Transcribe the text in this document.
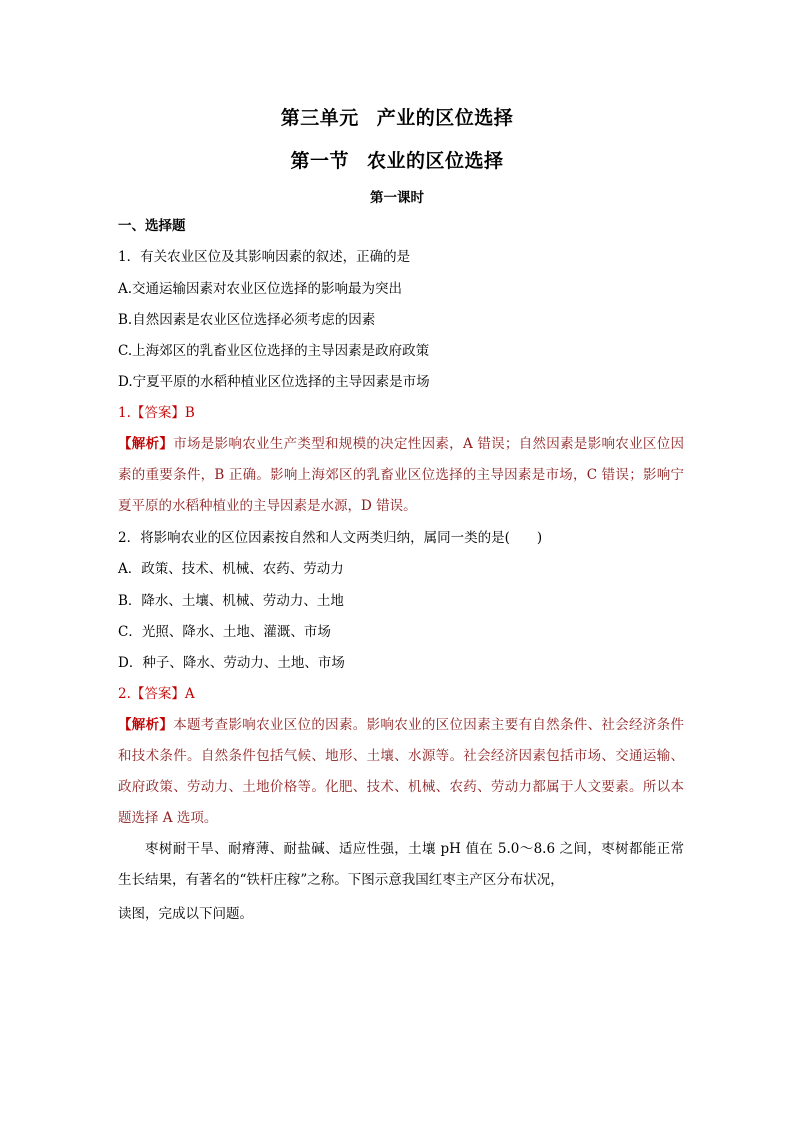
第三单元 产业的区位选择
第一节 农业的区位选择
第一课时
一、选择题
1．有关农业区位及其影响因素的叙述，正确的是
A.交通运输因素对农业区位选择的影响最为突出
B.自然因素是农业区位选择必须考虑的因素
C.上海郊区的乳畜业区位选择的主导因素是政府政策
D.宁夏平原的水稻种植业区位选择的主导因素是市场
1.【答案】B
【解析】市场是影响农业生产类型和规模的决定性因素，A 错误；自然因素是影响农业区位因素的重要条件，B 正确。影响上海郊区的乳畜业区位选择的主导因素是市场，C 错误；影响宁夏平原的水稻种植业的主导因素是水源，D 错误。
2．将影响农业的区位因素按自然和人文两类归纳，属同一类的是(　　)
A．政策、技术、机械、农药、劳动力
B．降水、土壤、机械、劳动力、土地
C．光照、降水、土地、灌溉、市场
D．种子、降水、劳动力、土地、市场
2.【答案】A
【解析】本题考查影响农业区位的因素。影响农业的区位因素主要有自然条件、社会经济条件和技术条件。自然条件包括气候、地形、土壤、水源等。社会经济因素包括市场、交通运输、政府政策、劳动力、土地价格等。化肥、技术、机械、农药、劳动力都属于人文要素。所以本题选择 A 选项。
枣树耐干旱、耐瘠薄、耐盐碱、适应性强，土壤 pH 值在 5.0～8.6 之间，枣树都能正常生长结果，有著名的“铁杆庄稼”之称。下图示意我国红枣主产区分布状况，
读图，完成以下问题。
